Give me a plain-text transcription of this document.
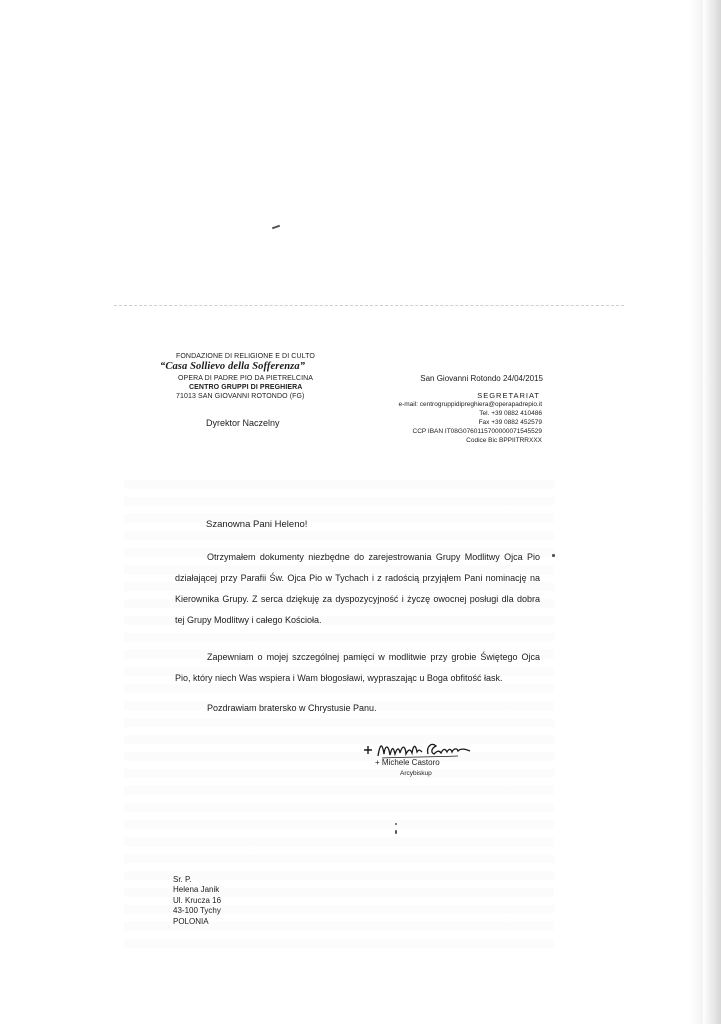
FONDAZIONE DI RELIGIONE E DI CULTO
“Casa Sollievo della Sofferenza”
OPERA DI PADRE PIO DA PIETRELCINA
CENTRO GRUPPI DI PREGHIERA
71013 SAN GIOVANNI ROTONDO (FG)
San Giovanni Rotondo 24/04/2015
SEGRETARIAT
e-mail: centrogruppidipreghiera@operapadrepio.it
Tel. +39 0882 410486
Fax +39 0882 452579
CCP IBAN IT08G0760115700000071545529
Codice Bic BPPIITRRXXX
Dyrektor Naczelny
Szanowna Pani Heleno!
Otrzymałem dokumenty niezbędne do zarejestrowania Grupy Modlitwy Ojca Pio działającej przy Parafii Św. Ojca Pio w Tychach i z radością przyjąłem Pani nominację na Kierownika Grupy. Z serca dziękuję za dyspozycyjność i życzę owocnej posługi dla dobra tej Grupy Modlitwy i całego Kościoła.
Zapewniam o mojej szczególnej pamięci w modlitwie przy grobie Świętego Ojca Pio, który niech Was wspiera i Wam błogosławi, wypraszając u Boga obfitość łask.
Pozdrawiam bratersko w Chrystusie Panu.
+ Michele Castoro
Arcybiskup
Sr. P.
Helena Janik
Ul. Krucza 16
43-100 Tychy
POLONIA
